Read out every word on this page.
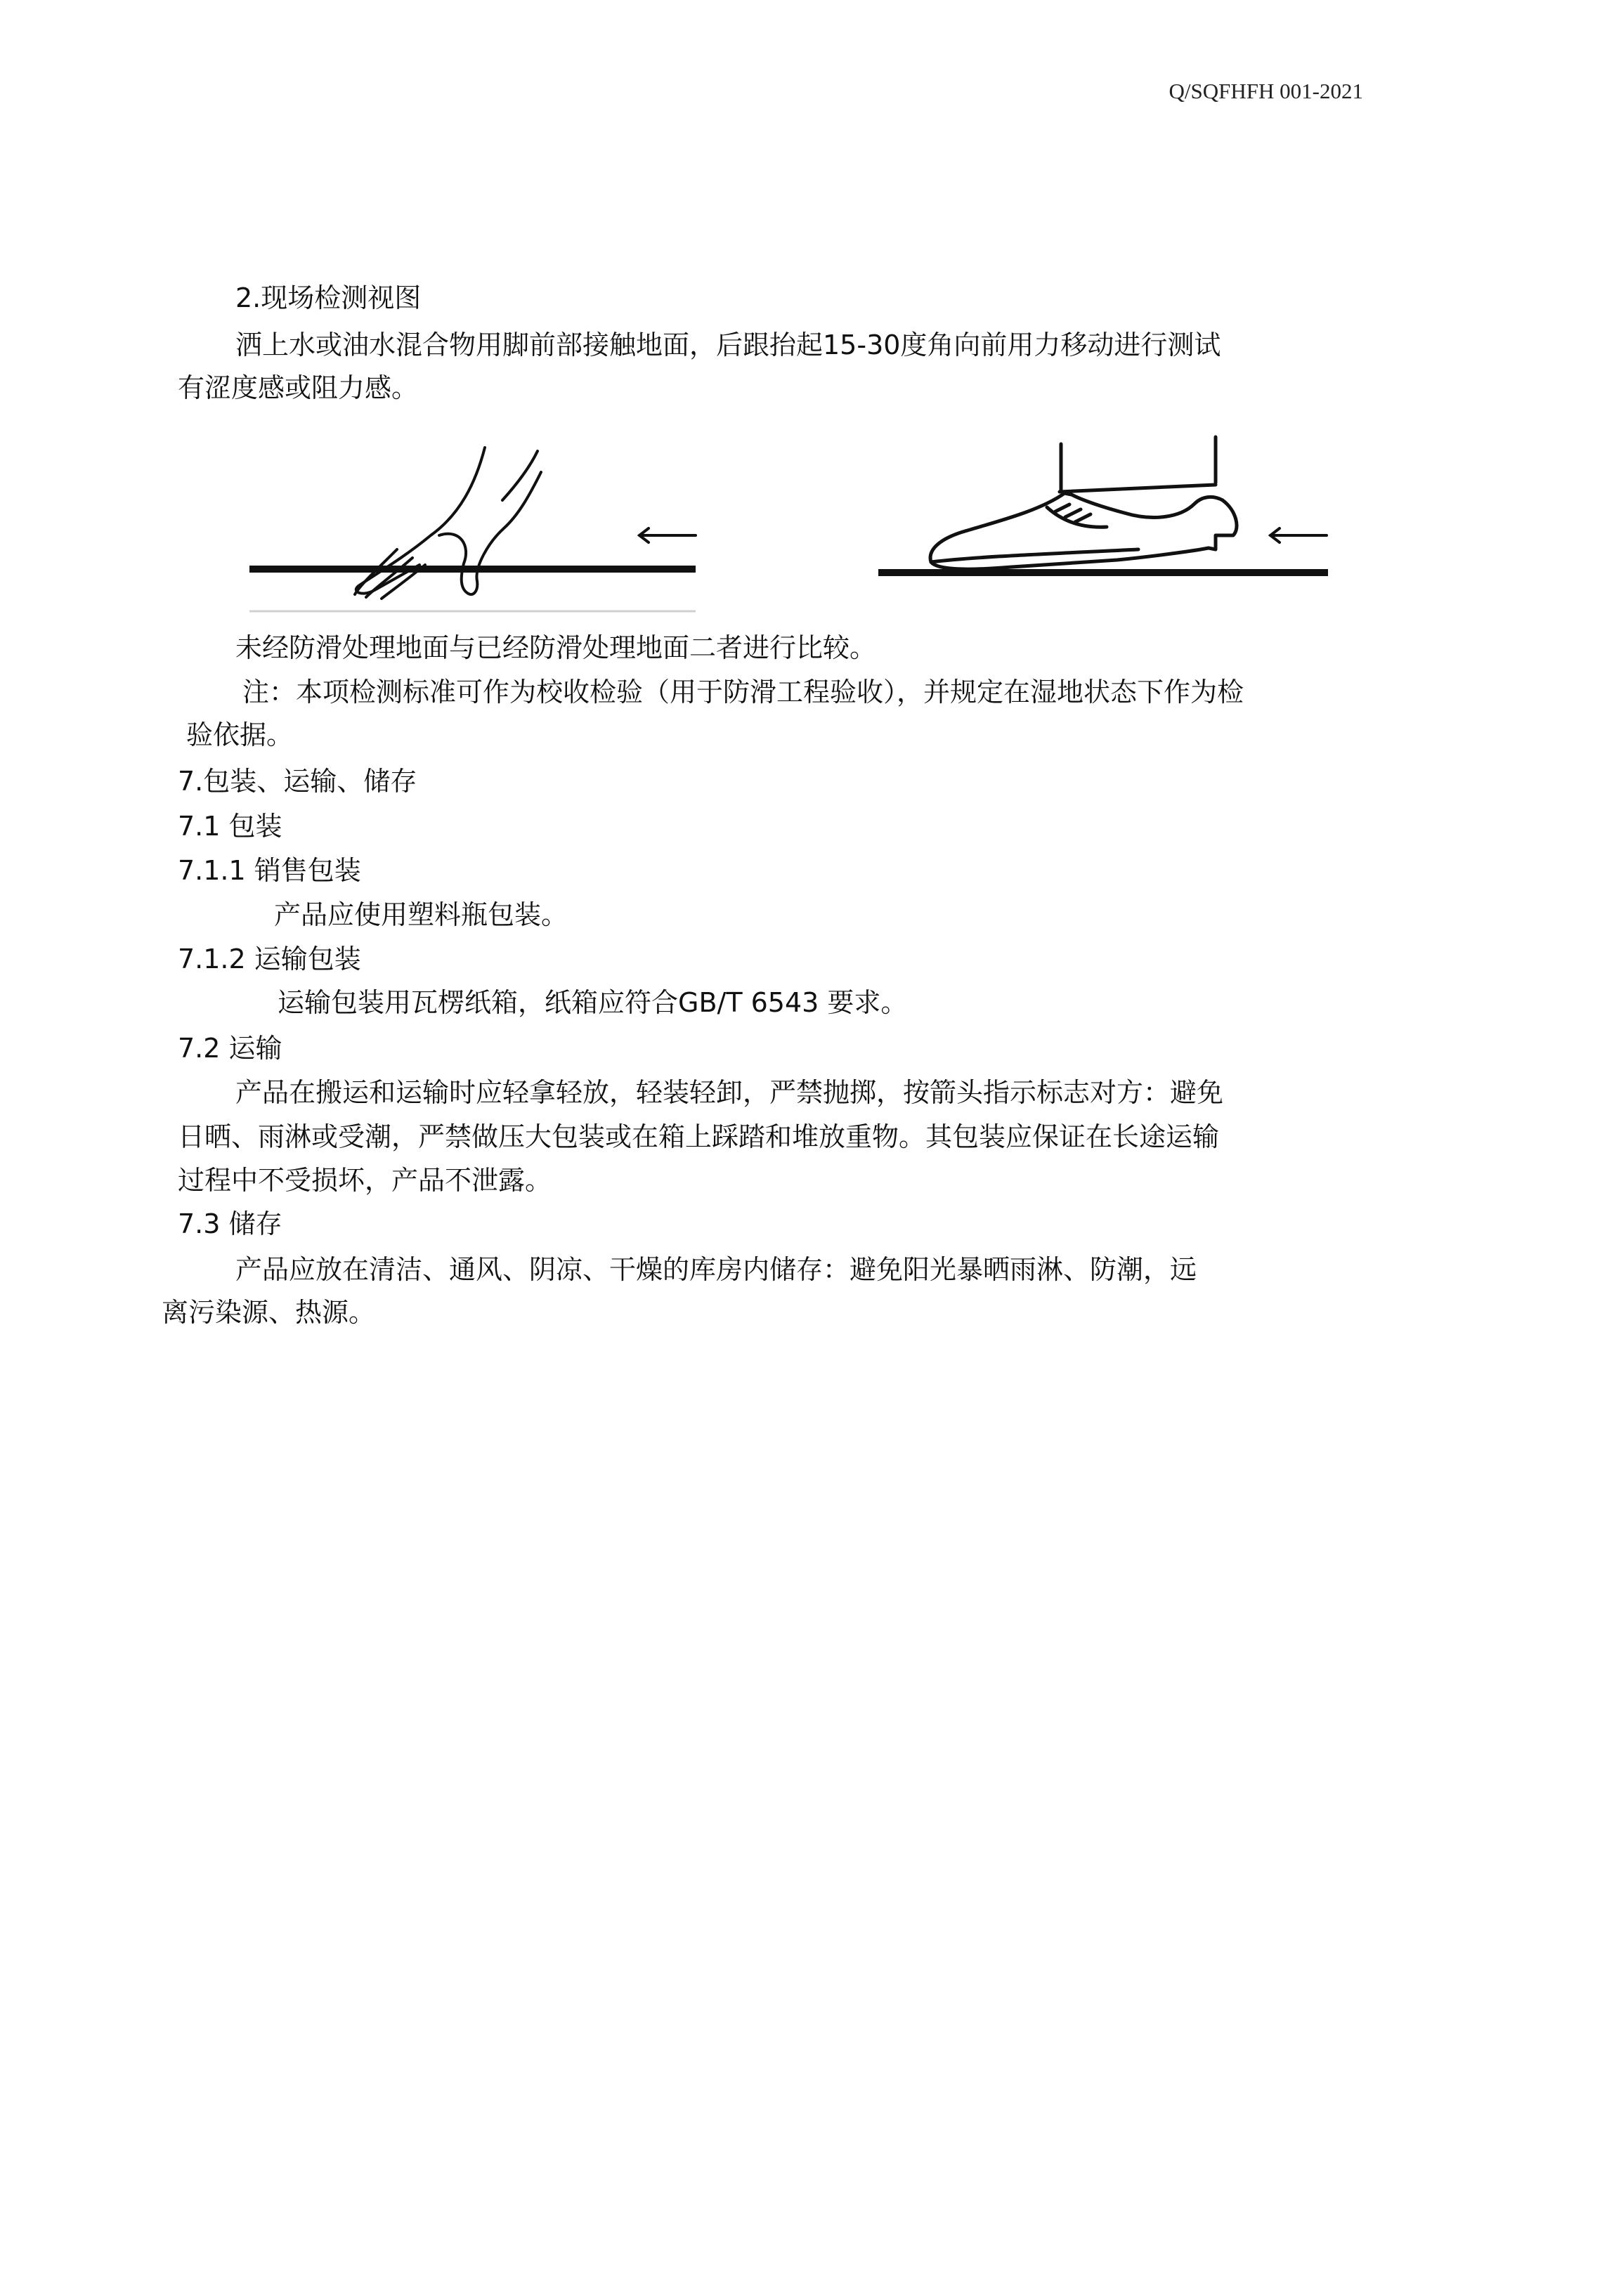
Q/SQFHFH 001-2021
2.现场检测视图
洒上水或油水混合物用脚前部接触地面，后跟抬起15-30度角向前用力移动进行测试
有涩度感或阻力感。
未经防滑处理地面与已经防滑处理地面二者进行比较。
注：本项检测标准可作为校收检验（用于防滑工程验收），并规定在湿地状态下作为检
验依据。
7.包装、运输、储存
7.1 包装
7.1.1 销售包装
产品应使用塑料瓶包装。
7.1.2 运输包装
运输包装用瓦楞纸箱，纸箱应符合GB/T 6543 要求。
7.2 运输
产品在搬运和运输时应轻拿轻放，轻装轻卸，严禁抛掷，按箭头指示标志对方：避免
日晒、雨淋或受潮，严禁做压大包装或在箱上踩踏和堆放重物。其包装应保证在长途运输
过程中不受损坏，产品不泄露。
7.3 储存
产品应放在清洁、通风、阴凉、干燥的库房内储存：避免阳光暴晒雨淋、防潮，远
离污染源、热源。
